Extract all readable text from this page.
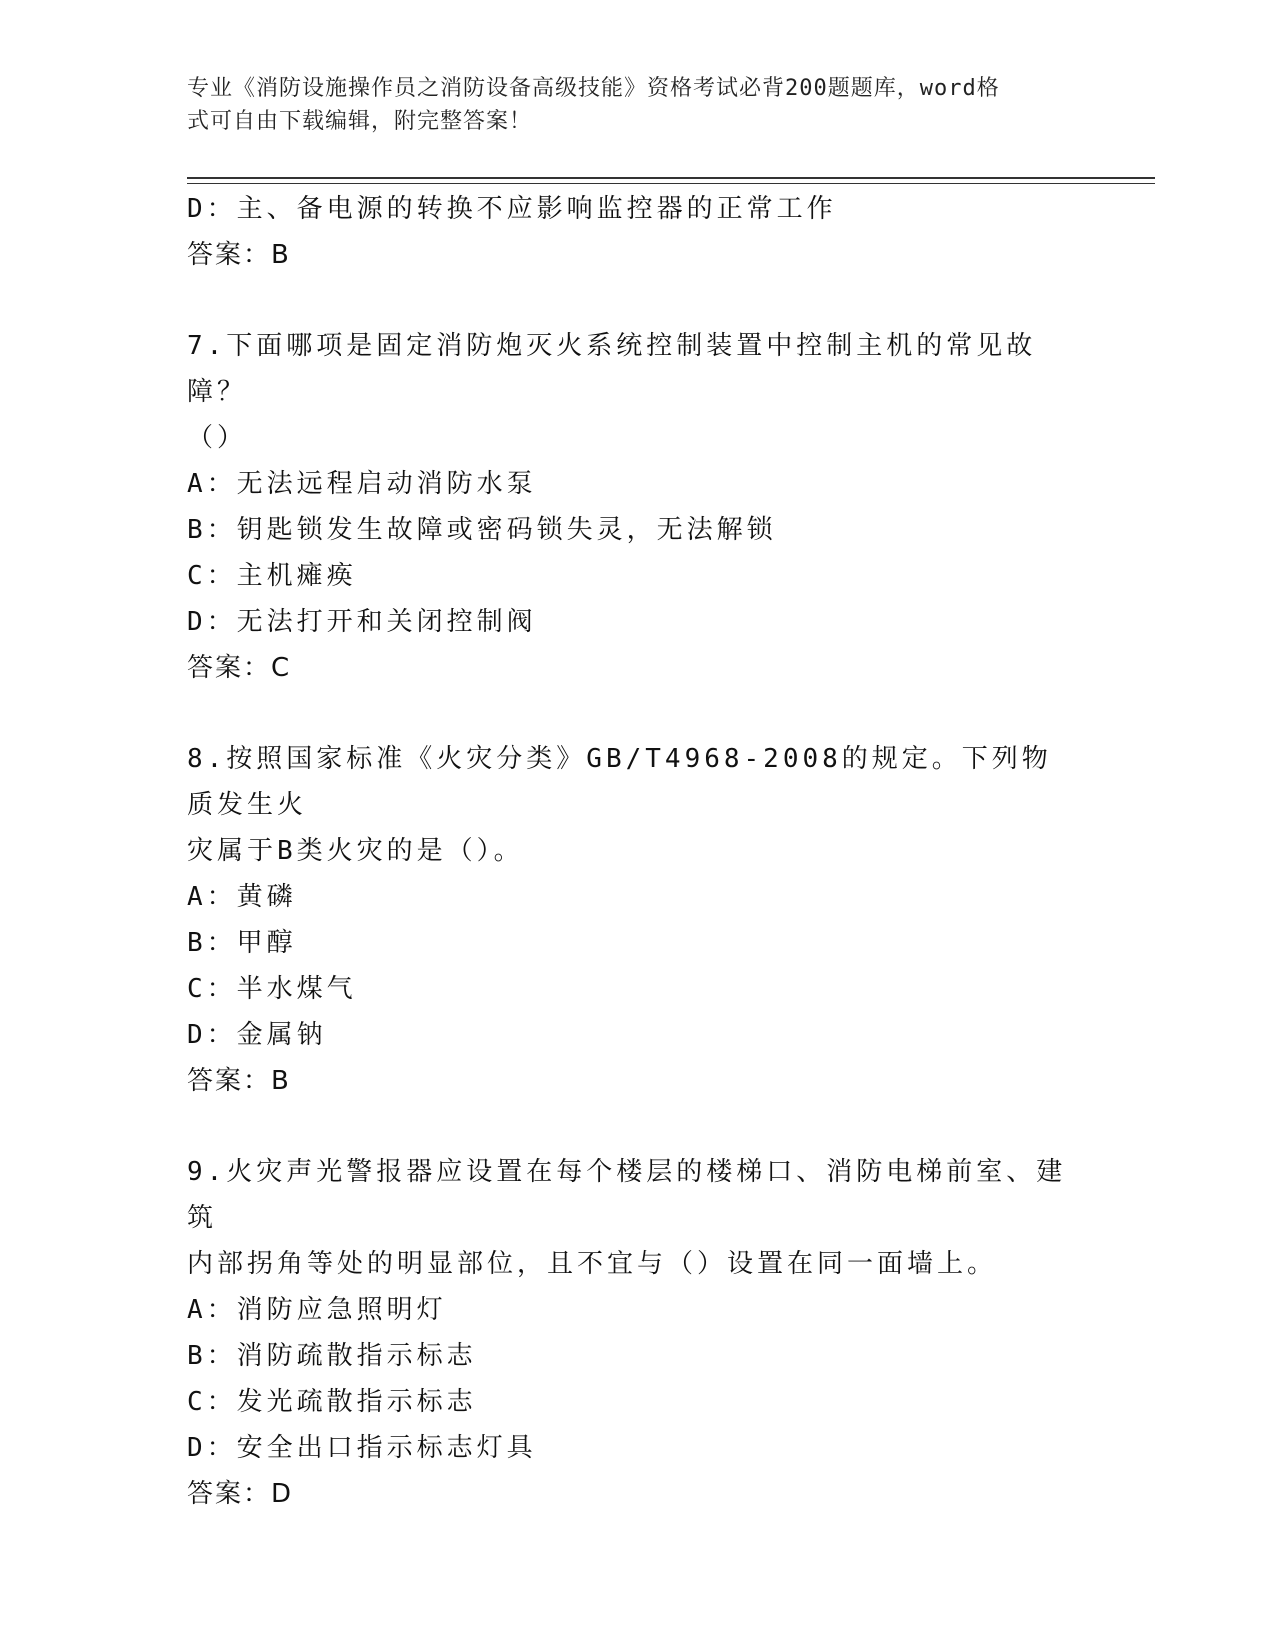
专业《消防设施操作员之消防设备高级技能》资格考试必背200题题库，word格
式可自由下载编辑，附完整答案！
D：主、备电源的转换不应影响监控器的正常工作
答案：B
7.下面哪项是固定消防炮灭火系统控制装置中控制主机的常见故障？
（）
A：无法远程启动消防水泵
B：钥匙锁发生故障或密码锁失灵，无法解锁
C：主机瘫痪
D：无法打开和关闭控制阀
答案：C
8.按照国家标准《火灾分类》GB/T4968-2008的规定。下列物质发生火
灾属于B类火灾的是（）。
A：黄磷
B：甲醇
C：半水煤气
D：金属钠
答案：B
9.火灾声光警报器应设置在每个楼层的楼梯口、消防电梯前室、建筑
内部拐角等处的明显部位，且不宜与（）设置在同一面墙上。
A：消防应急照明灯
B：消防疏散指示标志
C：发光疏散指示标志
D：安全出口指示标志灯具
答案：D
